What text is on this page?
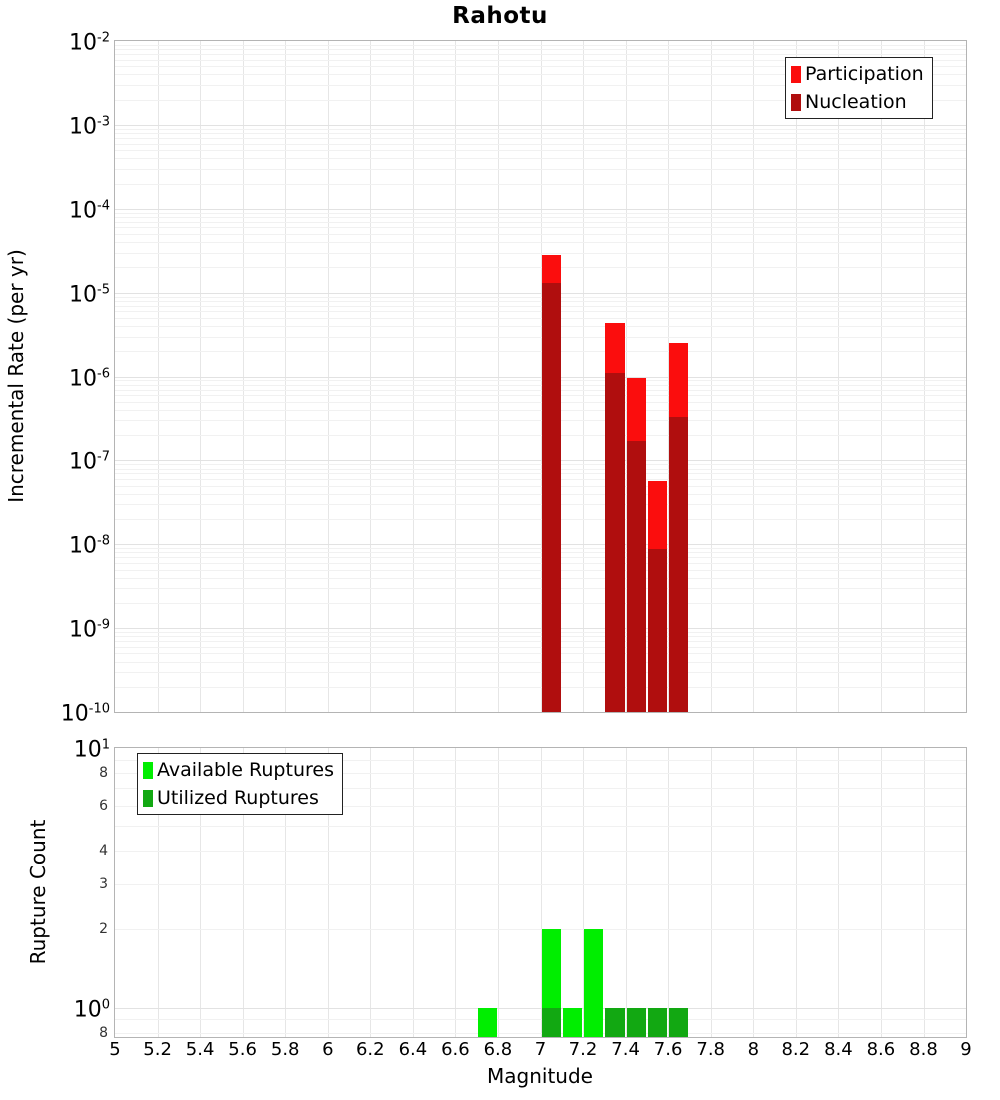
Rahotu
Incremental Rate (per yr)
Rupture Count
Magnitude
Participation
Nucleation
Available Ruptures
Utilized Ruptures
$10^{-2}$
$10^{-3}$
$10^{-4}$
$10^{-5}$
$10^{-6}$
$10^{-7}$
$10^{-8}$
$10^{-9}$
$10^{-10}$
$10^1$
$10^0$
8
6
4
3
2
8
5 5.2 5.4 5.6 5.8 6 6.2 6.4 6.6 6.8 7 7.2 7.4 7.6 7.8 8 8.2 8.4 8.6 8.8 9
